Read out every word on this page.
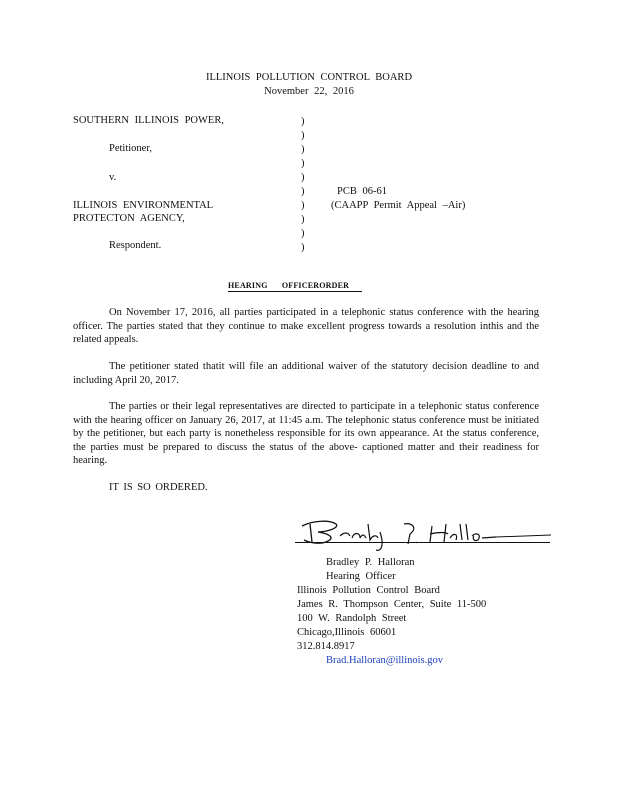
ILLINOIS POLLUTION CONTROL BOARD
November 22, 2016
SOUTHERN ILLINOIS POWER,
Petitioner,
v.
ILLINOIS ENVIRONMENTAL
PROTECTON AGENCY,
Respondent.
)
)
)
)
)
)
)
)
)
)
PCB 06-61
(CAAPP Permit Appeal –Air)
HEARING OFFICERORDER
On November 17, 2016, all parties participated in a telephonic status conference with the hearing officer. The parties stated that they continue to make excellent progress towards a resolution inthis and the related appeals.
The petitioner stated thatit will file an additional waiver of the statutory decision deadline to and including April 20, 2017.
The parties or their legal representatives are directed to participate in a telephonic status conference with the hearing officer on January 26, 2017, at 11:45 a.m. The telephonic status conference must be initiated by the petitioner, but each party is nonetheless responsible for its own appearance. At the status conference, the parties must be prepared to discuss the status of the above- captioned matter and their readiness for hearing.
IT IS SO ORDERED.
Bradley P. Halloran
Hearing Officer
Illinois Pollution Control Board
James R. Thompson Center, Suite 11-500
100 W. Randolph Street
Chicago,Illinois 60601
312.814.8917
Brad.Halloran@illinois.gov
